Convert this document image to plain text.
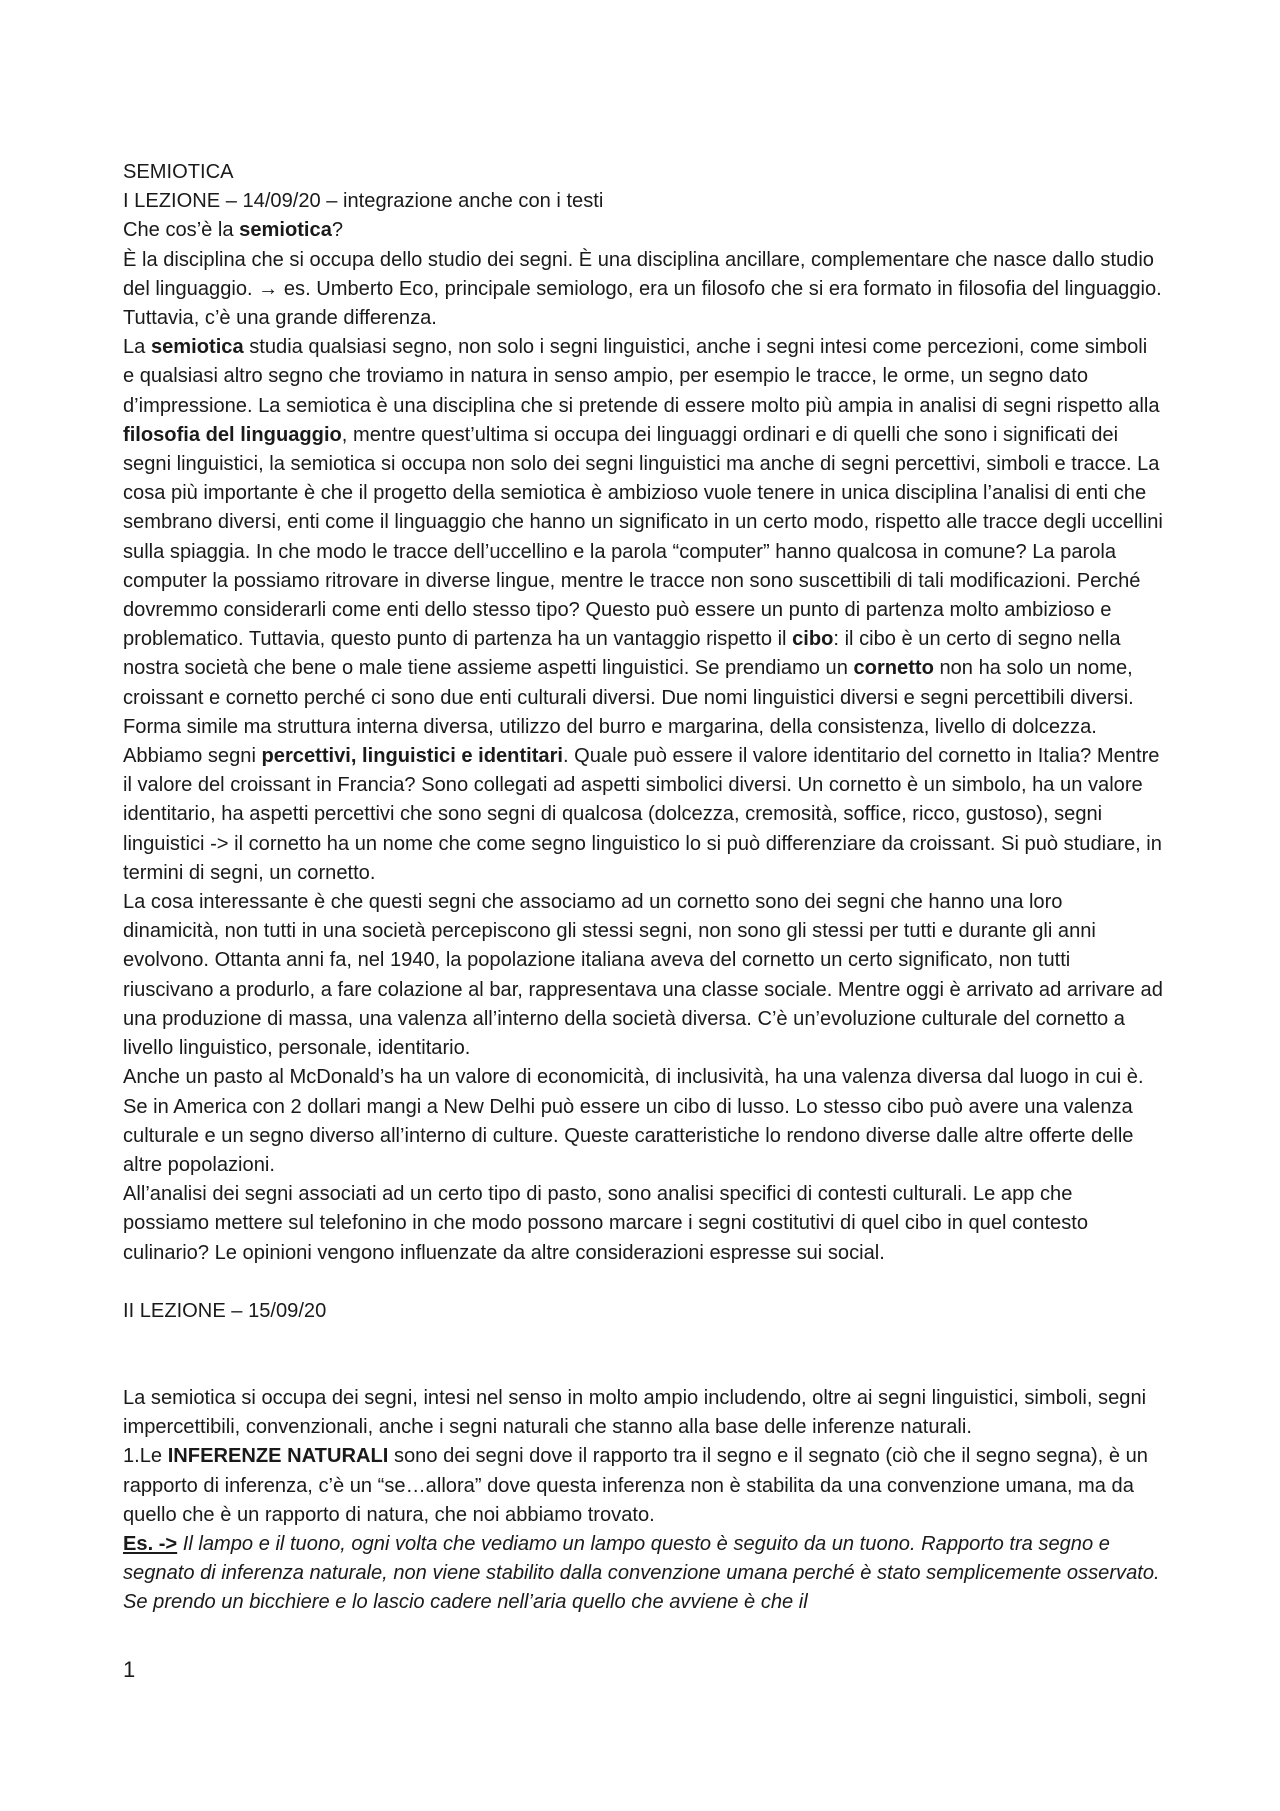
SEMIOTICA

I LEZIONE – 14/09/20 – integrazione anche con i testi

Che cos’è la semiotica?

È la disciplina che si occupa dello studio dei segni. È una disciplina ancillare, complementare che nasce dallo studio del linguaggio. → es. Umberto Eco, principale semiologo, era un filosofo che si era formato in filosofia del linguaggio. Tuttavia, c’è una grande differenza.

La semiotica studia qualsiasi segno, non solo i segni linguistici, anche i segni intesi come percezioni, come simboli e qualsiasi altro segno che troviamo in natura in senso ampio, per esempio le tracce, le orme, un segno dato d’impressione. La semiotica è una disciplina che si pretende di essere molto più ampia in analisi di segni rispetto alla filosofia del linguaggio, mentre quest’ultima si occupa dei linguaggi ordinari e di quelli che sono i significati dei segni linguistici, la semiotica si occupa non solo dei segni linguistici ma anche di segni percettivi, simboli e tracce. La cosa più importante è che il progetto della semiotica è ambizioso vuole tenere in unica disciplina l’analisi di enti che sembrano diversi, enti come il linguaggio che hanno un significato in un certo modo, rispetto alle tracce degli uccellini sulla spiaggia. In che modo le tracce dell’uccellino e la parola “computer” hanno qualcosa in comune? La parola computer la possiamo ritrovare in diverse lingue, mentre le tracce non sono suscettibili di tali modificazioni. Perché dovremmo considerarli come enti dello stesso tipo? Questo può essere un punto di partenza molto ambizioso e problematico. Tuttavia, questo punto di partenza ha un vantaggio rispetto il cibo: il cibo è un certo di segno nella nostra società che bene o male tiene assieme aspetti linguistici. Se prendiamo un cornetto non ha solo un nome, croissant e cornetto perché ci sono due enti culturali diversi. Due nomi linguistici diversi e segni percettibili diversi. Forma simile ma struttura interna diversa, utilizzo del burro e margarina, della consistenza, livello di dolcezza. Abbiamo segni percettivi, linguistici e identitari. Quale può essere il valore identitario del cornetto in Italia? Mentre il valore del croissant in Francia? Sono collegati ad aspetti simbolici diversi. Un cornetto è un simbolo, ha un valore identitario, ha aspetti percettivi che sono segni di qualcosa (dolcezza, cremosità, soffice, ricco, gustoso), segni linguistici -> il cornetto ha un nome che come segno linguistico lo si può differenziare da croissant. Si può studiare, in termini di segni, un cornetto.

La cosa interessante è che questi segni che associamo ad un cornetto sono dei segni che hanno una loro dinamicità, non tutti in una società percepiscono gli stessi segni, non sono gli stessi per tutti e durante gli anni evolvono. Ottanta anni fa, nel 1940, la popolazione italiana aveva del cornetto un certo significato, non tutti riuscivano a produrlo, a fare colazione al bar, rappresentava una classe sociale. Mentre oggi è arrivato ad arrivare ad una produzione di massa, una valenza all’interno della società diversa. C’è un’evoluzione culturale del cornetto a livello linguistico, personale, identitario.

Anche un pasto al McDonald’s ha un valore di economicità, di inclusività, ha una valenza diversa dal luogo in cui è. Se in America con 2 dollari mangi a New Delhi può essere un cibo di lusso. Lo stesso cibo può avere una valenza culturale e un segno diverso all’interno di culture. Queste caratteristiche lo rendono diverse dalle altre offerte delle altre popolazioni.

All’analisi dei segni associati ad un certo tipo di pasto, sono analisi specifici di contesti culturali. Le app che possiamo mettere sul telefonino in che modo possono marcare i segni costitutivi di quel cibo in quel contesto culinario? Le opinioni vengono influenzate da altre considerazioni espresse sui social.

II LEZIONE – 15/09/20

La semiotica si occupa dei segni, intesi nel senso in molto ampio includendo, oltre ai segni linguistici, simboli, segni impercettibili, convenzionali, anche i segni naturali che stanno alla base delle inferenze naturali.

1.Le INFERENZE NATURALI sono dei segni dove il rapporto tra il segno e il segnato (ciò che il segno segna), è un rapporto di inferenza, c’è un “se…allora” dove questa inferenza non è stabilita da una convenzione umana, ma da quello che è un rapporto di natura, che noi abbiamo trovato.

Es. -> Il lampo e il tuono, ogni volta che vediamo un lampo questo è seguito da un tuono. Rapporto tra segno e segnato di inferenza naturale, non viene stabilito dalla convenzione umana perché è stato semplicemente osservato. Se prendo un bicchiere e lo lascio cadere nell’aria quello che avviene è che il

1
